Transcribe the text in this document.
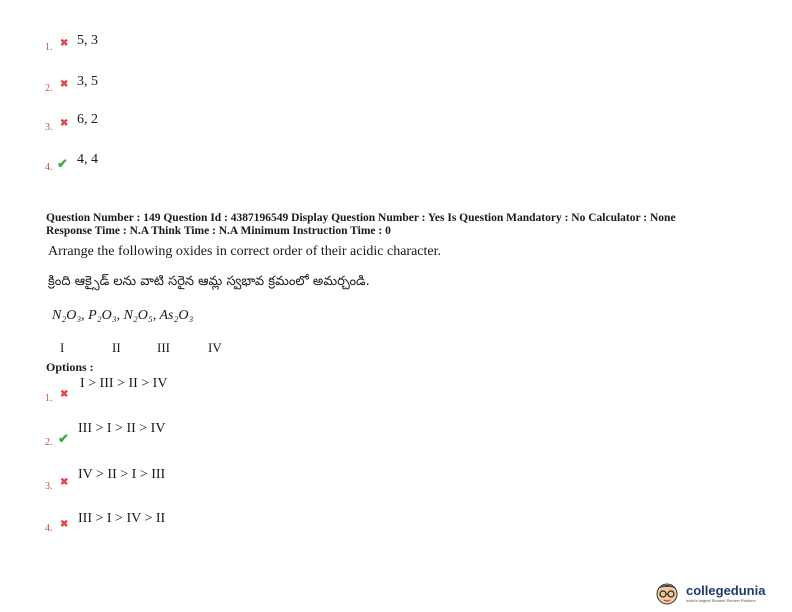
1. ✖ 5, 3
2. ✖ 3, 5
3. ✖ 6, 2
4. ✔ 4, 4
Question Number : 149 Question Id : 4387196549 Display Question Number : Yes Is Question Mandatory : No Calculator : None
Response Time : N.A Think Time : N.A Minimum Instruction Time : 0
Arrange the following oxides in correct order of their acidic character.
క్రింది ఆక్సైడ్ లను వాటి సరైన ఆమ్ల స్వభావ క్రమంలో అమర్చండి.
N₂O₃, P₂O₃, N₂O₅, As₂O₃
I	II	III	IV
Options :
I > III > II > IV
1. ✖
III > I > II > IV
2. ✔
IV > II > I > III
3. ✖
III > I > IV > II
4. ✖
collegedunia
India's largest Student Review Platform
